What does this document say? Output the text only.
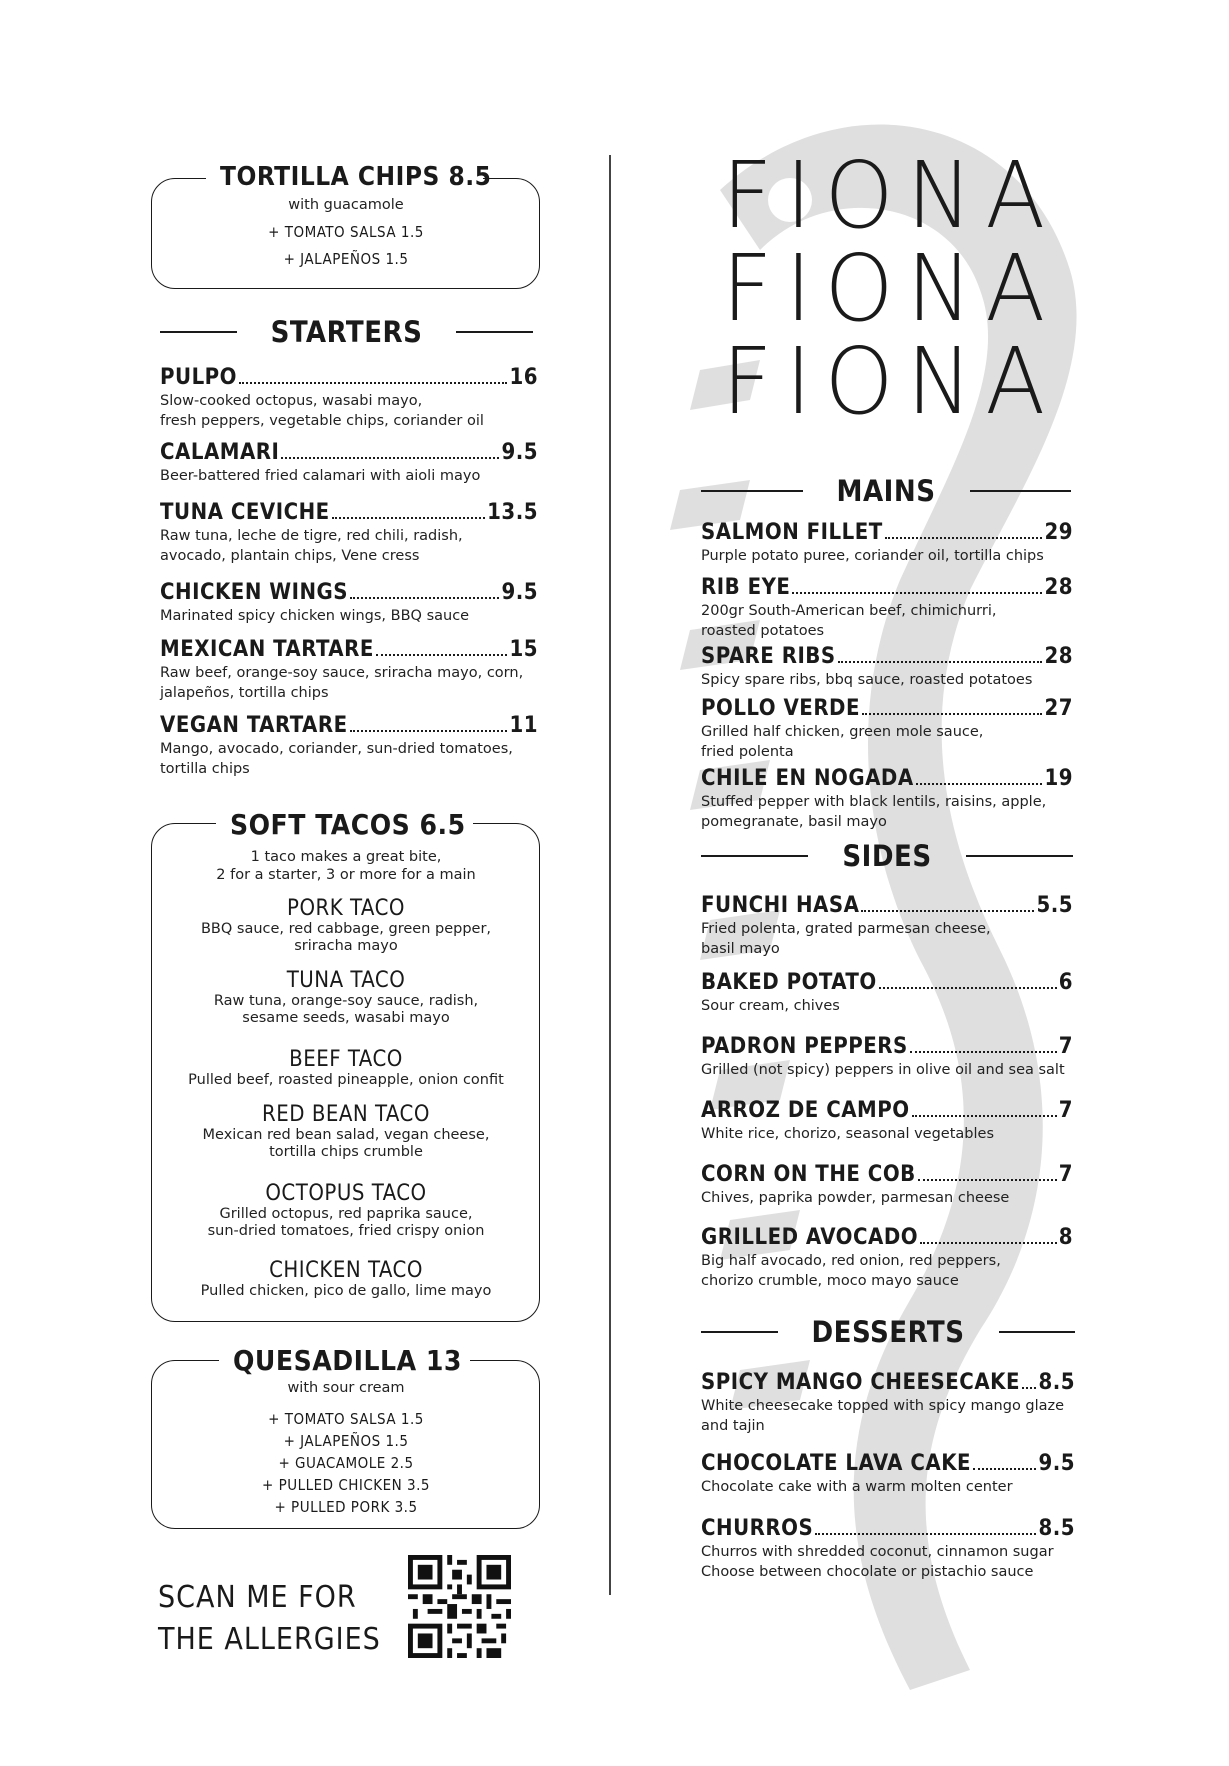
TORTILLA CHIPS 8.5
with guacamole
+ TOMATO SALSA 1.5
+ JALAPEÑOS 1.5
STARTERS
PULPO	16
Slow-cooked octopus, wasabi mayo,
fresh peppers, vegetable chips, coriander oil
CALAMARI	9.5
Beer-battered fried calamari with aioli mayo
TUNA CEVICHE	13.5
Raw tuna, leche de tigre, red chili, radish,
avocado, plantain chips, Vene cress
CHICKEN WINGS	9.5
Marinated spicy chicken wings, BBQ sauce
MEXICAN TARTARE	15
Raw beef, orange-soy sauce, sriracha mayo, corn,
jalapeños, tortilla chips
VEGAN TARTARE	11
Mango, avocado, coriander, sun-dried tomatoes,
tortilla chips
SOFT TACOS 6.5
1 taco makes a great bite,
2 for a starter, 3 or more for a main
PORK TACO
BBQ sauce, red cabbage, green pepper,
sriracha mayo
TUNA TACO
Raw tuna, orange-soy sauce, radish,
sesame seeds, wasabi mayo
BEEF TACO
Pulled beef, roasted pineapple, onion confit
RED BEAN TACO
Mexican red bean salad, vegan cheese,
tortilla chips crumble
OCTOPUS TACO
Grilled octopus, red paprika sauce,
sun-dried tomatoes, fried crispy onion
CHICKEN TACO
Pulled chicken, pico de gallo, lime mayo
QUESADILLA 13
with sour cream
+ TOMATO SALSA 1.5
+ JALAPEÑOS 1.5
+ GUACAMOLE 2.5
+ PULLED CHICKEN 3.5
+ PULLED PORK 3.5
SCAN ME FOR
THE ALLERGIES
FIONA
FIONA
FIONA
MAINS
SALMON FILLET	29
Purple potato puree, coriander oil, tortilla chips
RIB EYE	28
200gr South-American beef, chimichurri,
roasted potatoes
SPARE RIBS	28
Spicy spare ribs, bbq sauce, roasted potatoes
POLLO VERDE	27
Grilled half chicken, green mole sauce,
fried polenta
CHILE EN NOGADA	19
Stuffed pepper with black lentils, raisins, apple,
pomegranate, basil mayo
SIDES
FUNCHI HASA	5.5
Fried polenta, grated parmesan cheese,
basil mayo
BAKED POTATO	6
Sour cream, chives
PADRON PEPPERS	7
Grilled (not spicy) peppers in olive oil and sea salt
ARROZ DE CAMPO	7
White rice, chorizo, seasonal vegetables
CORN ON THE COB	7
Chives, paprika powder, parmesan cheese
GRILLED AVOCADO	8
Big half avocado, red onion, red peppers,
chorizo crumble, moco mayo sauce
DESSERTS
SPICY MANGO CHEESECAKE 8.5
White cheesecake topped with spicy mango glaze
and tajin
CHOCOLATE LAVA CAKE	9.5
Chocolate cake with a warm molten center
CHURROS	8.5
Churros with shredded coconut, cinnamon sugar
Choose between chocolate or pistachio sauce
